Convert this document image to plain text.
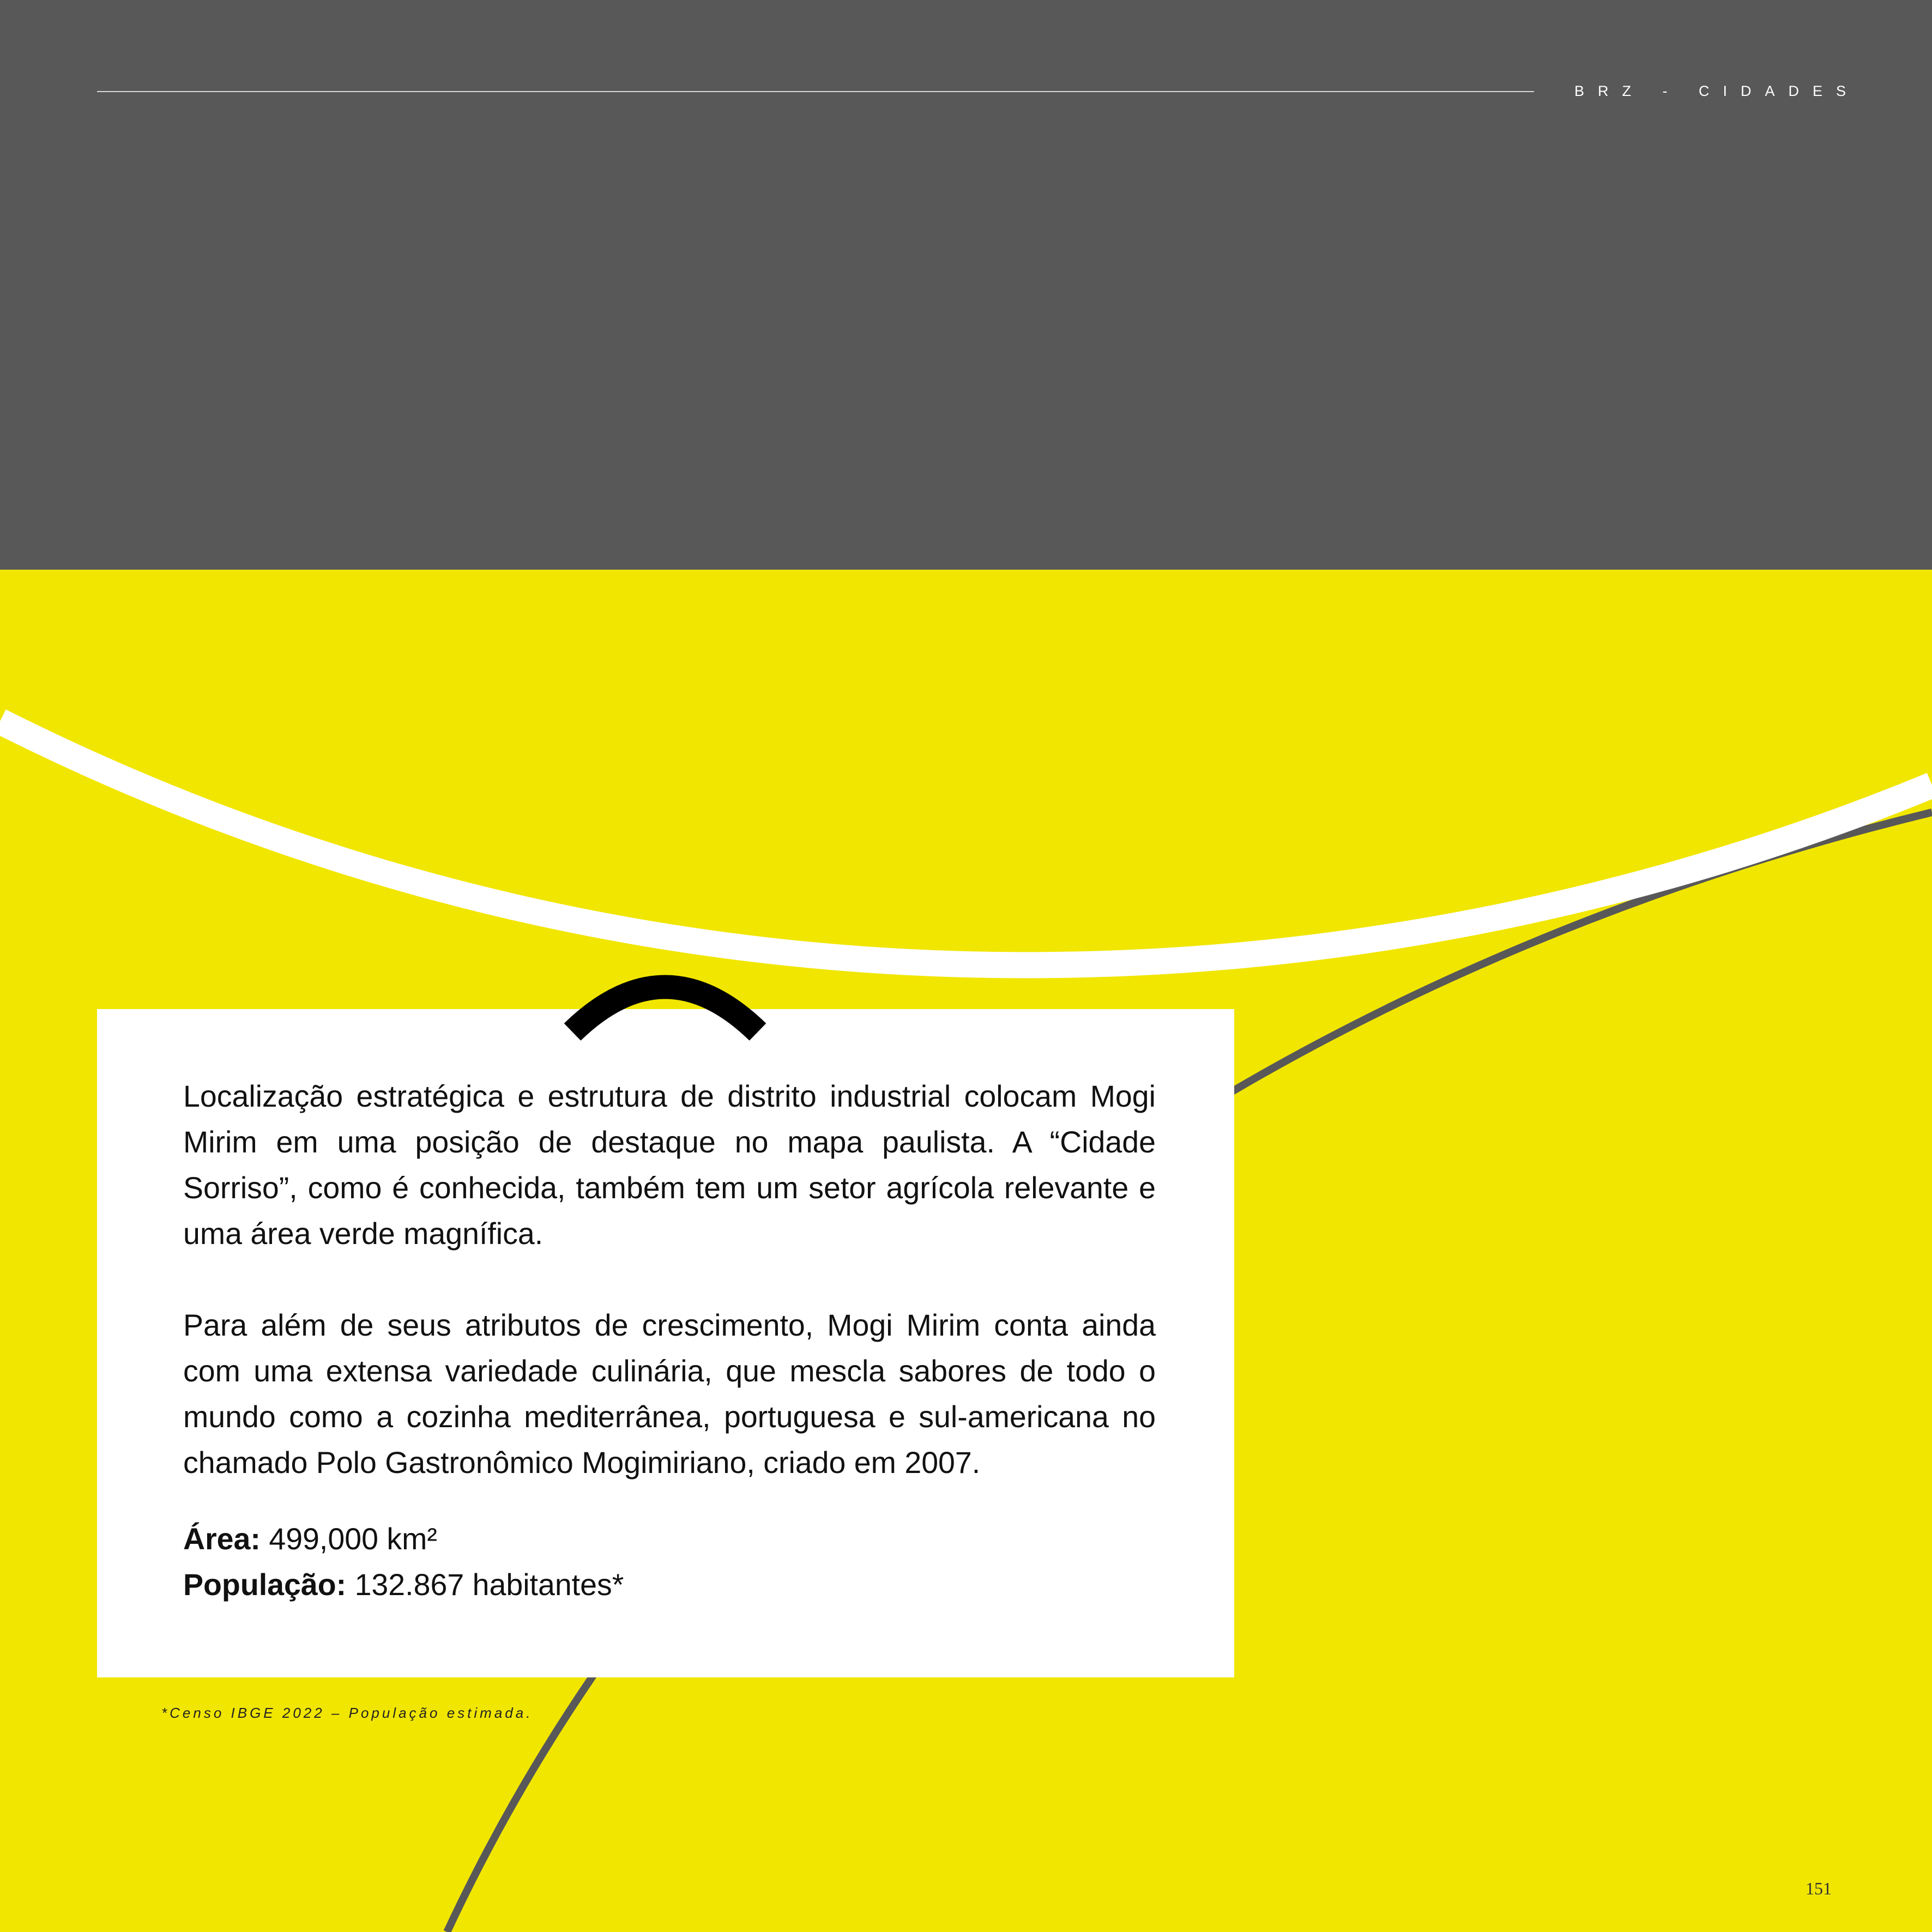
BRZ - CIDADES

Localização estratégica e estrutura de distrito industrial colocam Mogi Mirim em uma posição de destaque no mapa paulista. A “Cidade Sorriso”, como é conhecida, também tem um setor agrícola relevante e uma área verde magnífica.

Para além de seus atributos de crescimento, Mogi Mirim conta ainda com uma extensa variedade culinária, que mescla sabores de todo o mundo como a cozinha mediterrânea, portuguesa e sul-americana no chamado Polo Gastronômico Mogimiriano, criado em 2007.

Área: 499,000 km²
População: 132.867 habitantes*
*Censo IBGE 2022 – População estimada.
151
